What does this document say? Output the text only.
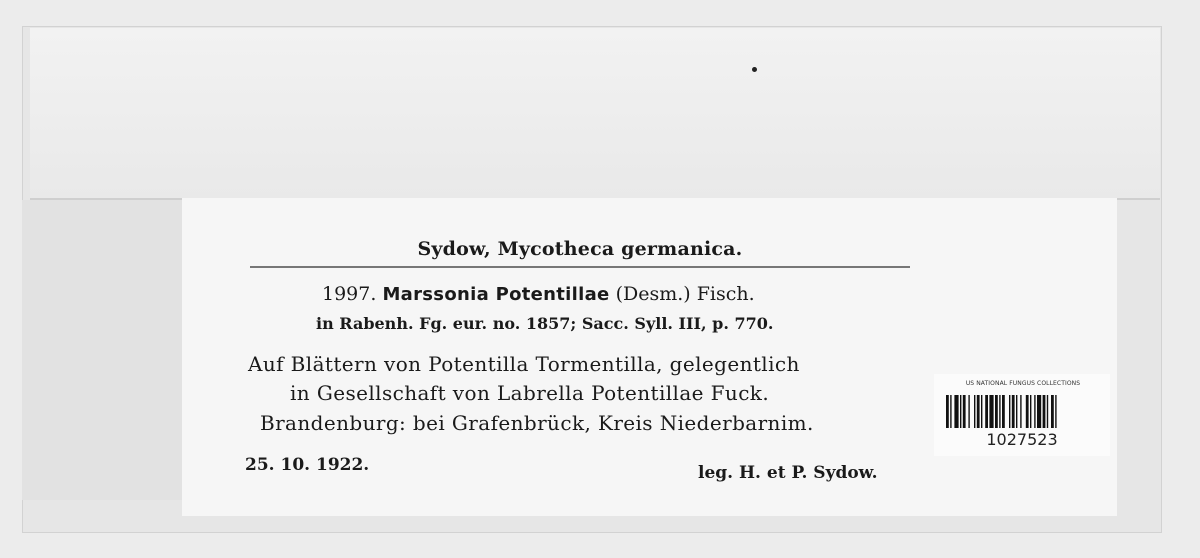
Sydow, Mycotheca germanica.
1997. Marssonia Potentillae (Desm.) Fisch.
in Rabenh. Fg. eur. no. 1857; Sacc. Syll. III, p. 770.
Auf Blättern von Potentilla Tormentilla, gelegentlich
in Gesellschaft von Labrella Potentillae Fuck.
Brandenburg: bei Grafenbrück, Kreis Niederbarnim.
25. 10. 1922.	leg. H. et P. Sydow.
US NATIONAL FUNGUS COLLECTIONS
1027523
